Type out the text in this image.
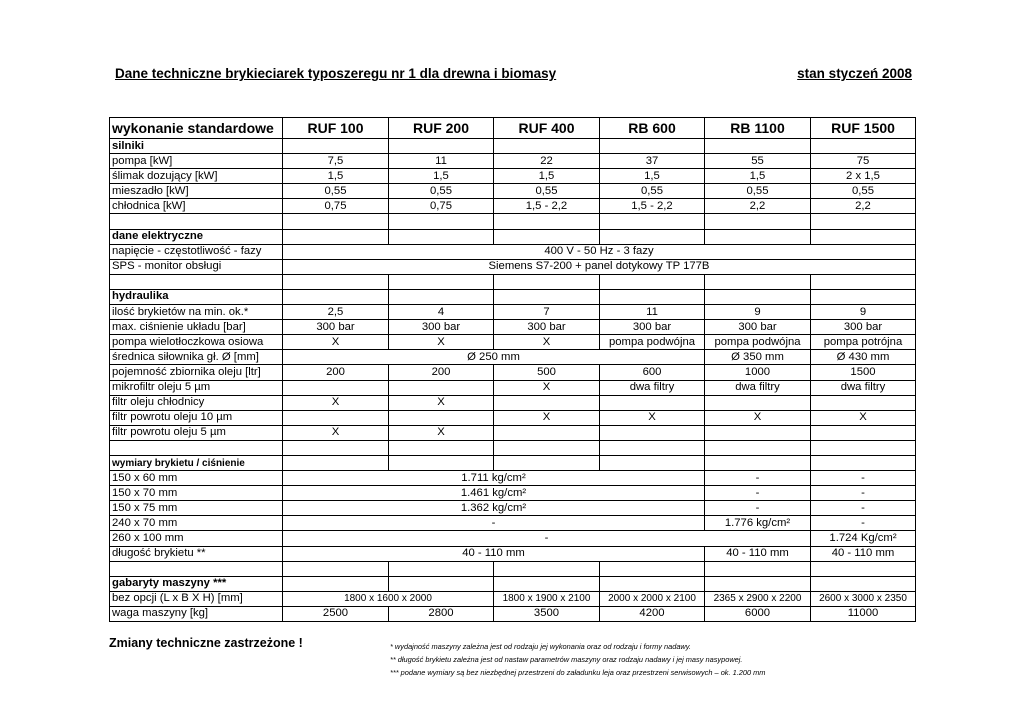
Dane techniczne brykieciarek typoszeregu nr 1 dla drewna i biomasy	stan styczeń 2008
wykonanie standardowe	RUF 100	RUF 200	RUF 400	RB 600	RB 1100	RUF 1500
silniki						
pompa [kW]	7,5	11	22	37	55	75
ślimak dozujący [kW]	1,5	1,5	1,5	1,5	1,5	2 x 1,5
mieszadło [kW]	0,55	0,55	0,55	0,55	0,55	0,55
chłodnica [kW]	0,75	0,75	1,5 - 2,2	1,5 - 2,2	2,2	2,2

dane elektryczne						
napięcie - częstotliwość - fazy	400 V - 50 Hz - 3 fazy					
SPS - monitor obsługi	Siemens S7-200 + panel dotykowy TP 177B					

hydraulika						
ilość brykietów na min. ok.*	2,5	4	7	11	9	9
max. ciśnienie układu [bar]	300 bar	300 bar	300 bar	300 bar	300 bar	300 bar
pompa wielotłoczkowa osiowa	X	X	X	pompa podwójna	pompa podwójna	pompa potrójna
średnica siłownika gł. Ø [mm]	Ø 250 mm				Ø 350 mm	Ø 430 mm
pojemność zbiornika oleju [ltr]	200	200	500	600	1000	1500
mikrofiltr oleju 5 µm			X	dwa filtry	dwa filtry	dwa filtry
filtr oleju chłodnicy	X	X				
filtr powrotu oleju 10 µm			X	X	X	X
filtr powrotu oleju 5 µm	X	X				

wymiary brykietu / ciśnienie						
150 x 60 mm	1.711 kg/cm²				-	-
150 x 70 mm	1.461 kg/cm²				-	-
150 x 75 mm	1.362 kg/cm²				-	-
240 x 70 mm	-				1.776 kg/cm²	-
260 x 100 mm	-					1.724 Kg/cm²
długość brykietu **	40 - 110 mm				40 - 110 mm	40 - 110 mm

gabaryty maszyny ***						
bez opcji (L x B X H) [mm]	1800 x 1600 x 2000		1800 x 1900 x 2100	2000 x 2000 x 2100	2365 x 2900 x 2200	2600 x 3000 x 2350
waga maszyny [kg]	2500	2800	3500	4200	6000	11000
Zmiany techniczne zastrzeżone !	* wydajność maszyny zależna jest od rodzaju jej wykonania oraz od rodzaju i formy nadawy.
** długość brykietu zależna jest od nastaw parametrów maszyny oraz rodzaju nadawy i jej masy nasypowej.
*** podane wymiary są bez niezbędnej przestrzeni do załadunku leja oraz przestrzeni serwisowych – ok. 1.200 mm
